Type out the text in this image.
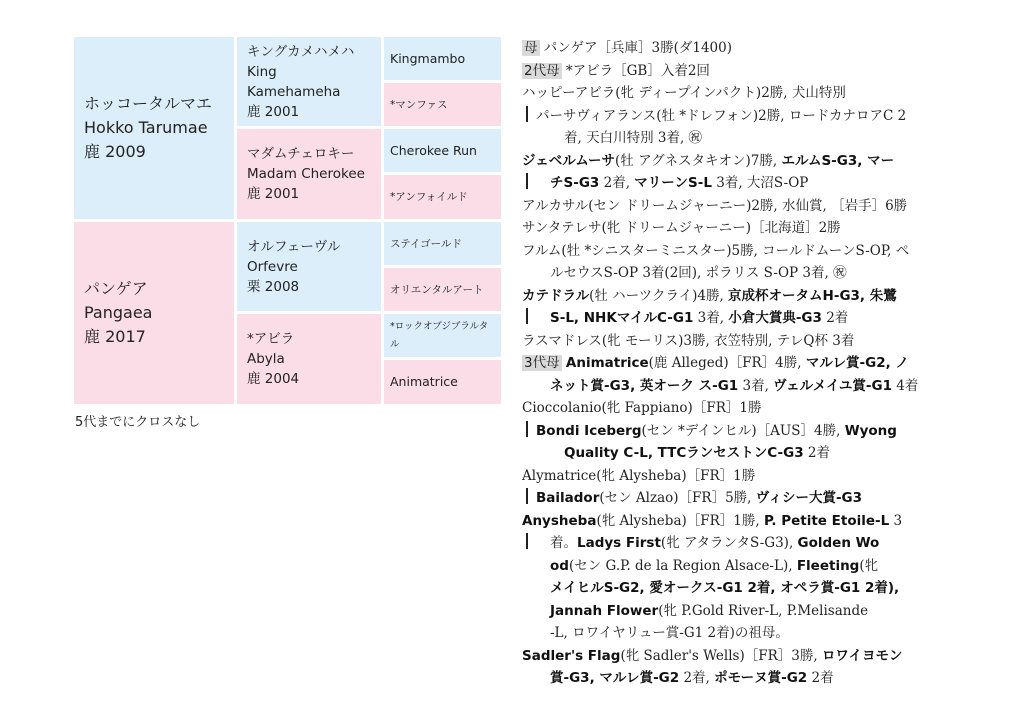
ホッコータルマエ
Hokko Tarumae
鹿 2009
パンゲア
Pangaea
鹿 2017
キングカメハメハ
King Kamehameha
鹿 2001
マダムチェロキー
Madam Cherokee
鹿 2001
オルフェーヴル
Orfevre
栗 2008
*アビラ
Abyla
鹿 2004
Kingmambo
*マンファス
Cherokee Run
*アンフォイルド
ステイゴールド
オリエンタルアート
*ロックオブジブラルタル
Animatrice
5代までにクロスなし
母 パンゲア［兵庫］3勝(ダ1400)
2代母 *アビラ［GB］入着2回
ハッピーアビラ(牝 ディープインパクト)2勝, 犬山特別
パーサヴィアランス(牡 *ドレフォン)2勝, ロードカナロアC 2
着, 天白川特別 3着, ㊗
ジェベルムーサ(牡 アグネスタキオン)7勝, エルムS-G3, マー
チS-G3 2着, マリーンS-L 3着, 大沼S-OP
アルカサル(セン ドリームジャーニー)2勝, 水仙賞, ［岩手］6勝
サンタテレサ(牝 ドリームジャーニー)［北海道］2勝
フルム(牡 *シニスターミニスター)5勝, コールドムーンS-OP, ペ
ルセウスS-OP 3着(2回), ポラリス S-OP 3着, ㊗
カテドラル(牡 ハーツクライ)4勝, 京成杯オータムH-G3, 朱鷺
S-L, NHKマイルC-G1 3着, 小倉大賞典-G3 2着
ラスマドレス(牝 モーリス)3勝, 衣笠特別, テレQ杯 3着
3代母 Animatrice(鹿 Alleged)［FR］4勝, マルレ賞-G2, ノ
ネット賞-G3, 英オーク ス-G1 3着, ヴェルメイユ賞-G1 4着
Cioccolanio(牝 Fappiano)［FR］1勝
Bondi Iceberg(セン *デインヒル)［AUS］4勝, Wyong
Quality C-L, TTCランセストンC-G3 2着
Alymatrice(牝 Alysheba)［FR］1勝
Bailador(セン Alzao)［FR］5勝, ヴィシー大賞-G3
Anysheba(牝 Alysheba)［FR］1勝, P. Petite Etoile-L 3
着。Ladys First(牝 アタランタS-G3), Golden Wo
od(セン G.P. de la Region Alsace-L), Fleeting(牝
メイヒルS-G2, 愛オークス-G1 2着, オペラ賞-G1 2着),
Jannah Flower(牝 P.Gold River-L, P.Melisande
-L, ロワイヤリュー賞-G1 2着)の祖母。
Sadler's Flag(牝 Sadler's Wells)［FR］3勝, ロワイヨモン
賞-G3, マルレ賞-G2 2着, ポモーヌ賞-G2 2着
